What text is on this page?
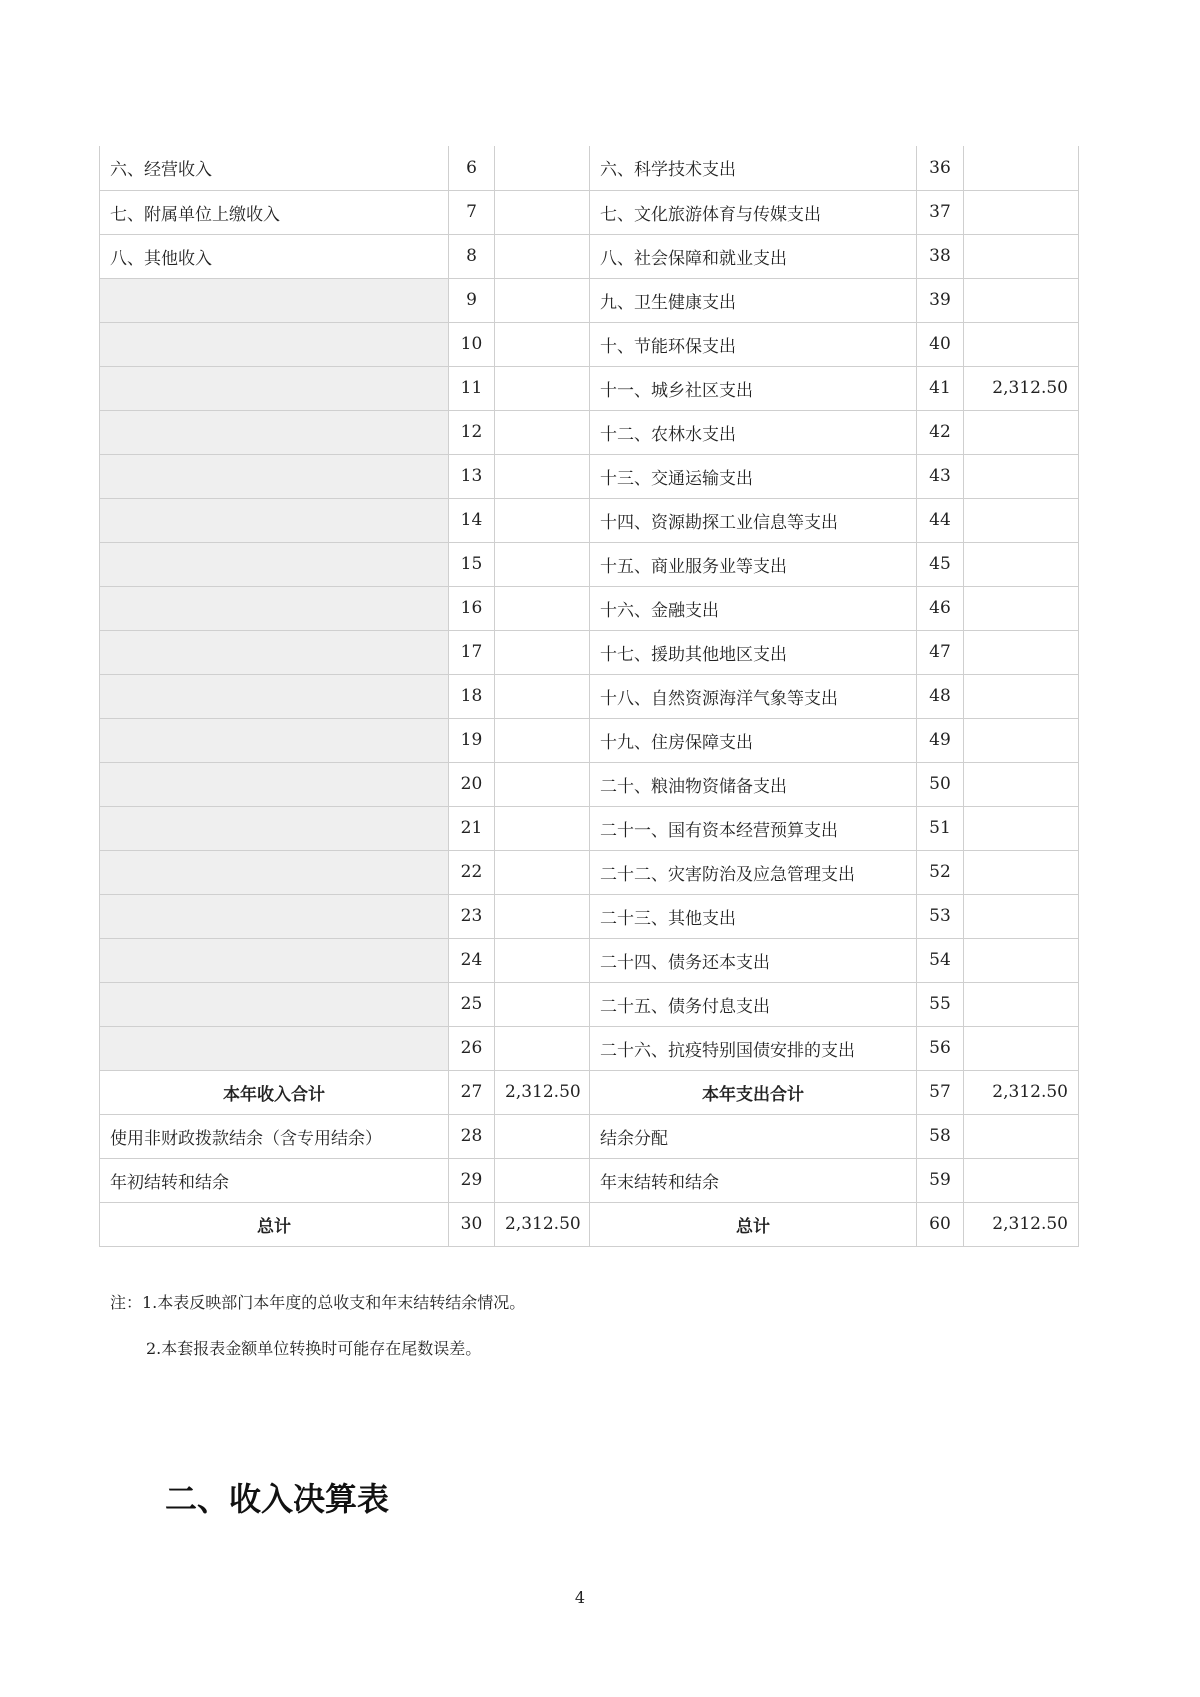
六、经营收入	6		六、科学技术支出	36	
七、附属单位上缴收入	7		七、文化旅游体育与传媒支出	37	
八、其他收入	8		八、社会保障和就业支出	38	
	9		九、卫生健康支出	39	
	10		十、节能环保支出	40	
	11		十一、城乡社区支出	41	2,312.50
	12		十二、农林水支出	42	
	13		十三、交通运输支出	43	
	14		十四、资源勘探工业信息等支出	44	
	15		十五、商业服务业等支出	45	
	16		十六、金融支出	46	
	17		十七、援助其他地区支出	47	
	18		十八、自然资源海洋气象等支出	48	
	19		十九、住房保障支出	49	
	20		二十、粮油物资储备支出	50	
	21		二十一、国有资本经营预算支出	51	
	22		二十二、灾害防治及应急管理支出	52	
	23		二十三、其他支出	53	
	24		二十四、债务还本支出	54	
	25		二十五、债务付息支出	55	
	26		二十六、抗疫特别国债安排的支出	56	
本年收入合计	27	2,312.50	本年支出合计	57	2,312.50
使用非财政拨款结余（含专用结余）	28		结余分配	58	
年初结转和结余	29		年末结转和结余	59	
总计	30	2,312.50	总计	60	2,312.50
注：1.本表反映部门本年度的总收支和年末结转结余情况。
2.本套报表金额单位转换时可能存在尾数误差。
二、收入决算表
4
